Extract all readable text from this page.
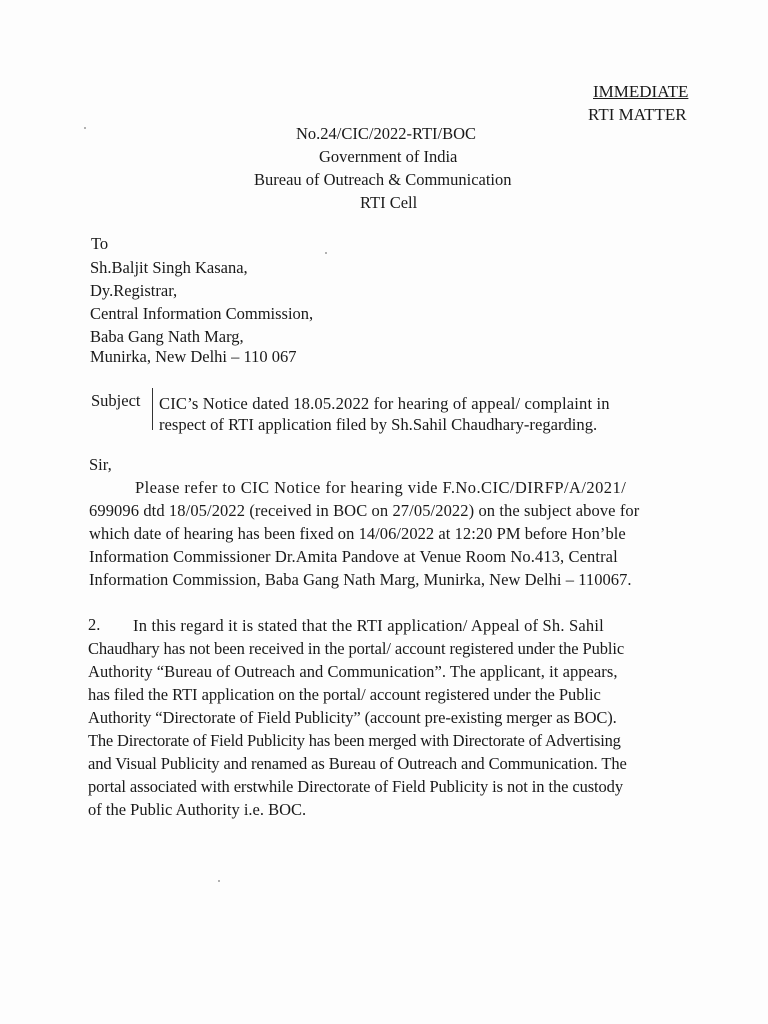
IMMEDIATE
RTI MATTER
No.24/CIC/2022-RTI/BOC
Government of India
Bureau of Outreach & Communication
RTI Cell
To
Sh.Baljit Singh Kasana,
Dy.Registrar,
Central Information Commission,
Baba Gang Nath Marg,
Munirka, New Delhi – 110 067
Subject CIC’s Notice dated 18.05.2022 for hearing of appeal/ complaint in
respect of RTI application filed by Sh.Sahil Chaudhary-regarding.
Sir,
Please refer to CIC Notice for hearing vide F.No.CIC/DIRFP/A/2021/
699096 dtd 18/05/2022 (received in BOC on 27/05/2022) on the subject above for
which date of hearing has been fixed on 14/06/2022 at 12:20 PM before Hon’ble
Information Commissioner Dr.Amita Pandove at Venue Room No.413, Central
Information Commission, Baba Gang Nath Marg, Munirka, New Delhi – 110067.
2. In this regard it is stated that the RTI application/ Appeal of Sh. Sahil
Chaudhary has not been received in the portal/ account registered under the Public
Authority “Bureau of Outreach and Communication”. The applicant, it appears,
has filed the RTI application on the portal/ account registered under the Public
Authority “Directorate of Field Publicity” (account pre-existing merger as BOC).
The Directorate of Field Publicity has been merged with Directorate of Advertising
and Visual Publicity and renamed as Bureau of Outreach and Communication. The
portal associated with erstwhile Directorate of Field Publicity is not in the custody
of the Public Authority i.e. BOC.
